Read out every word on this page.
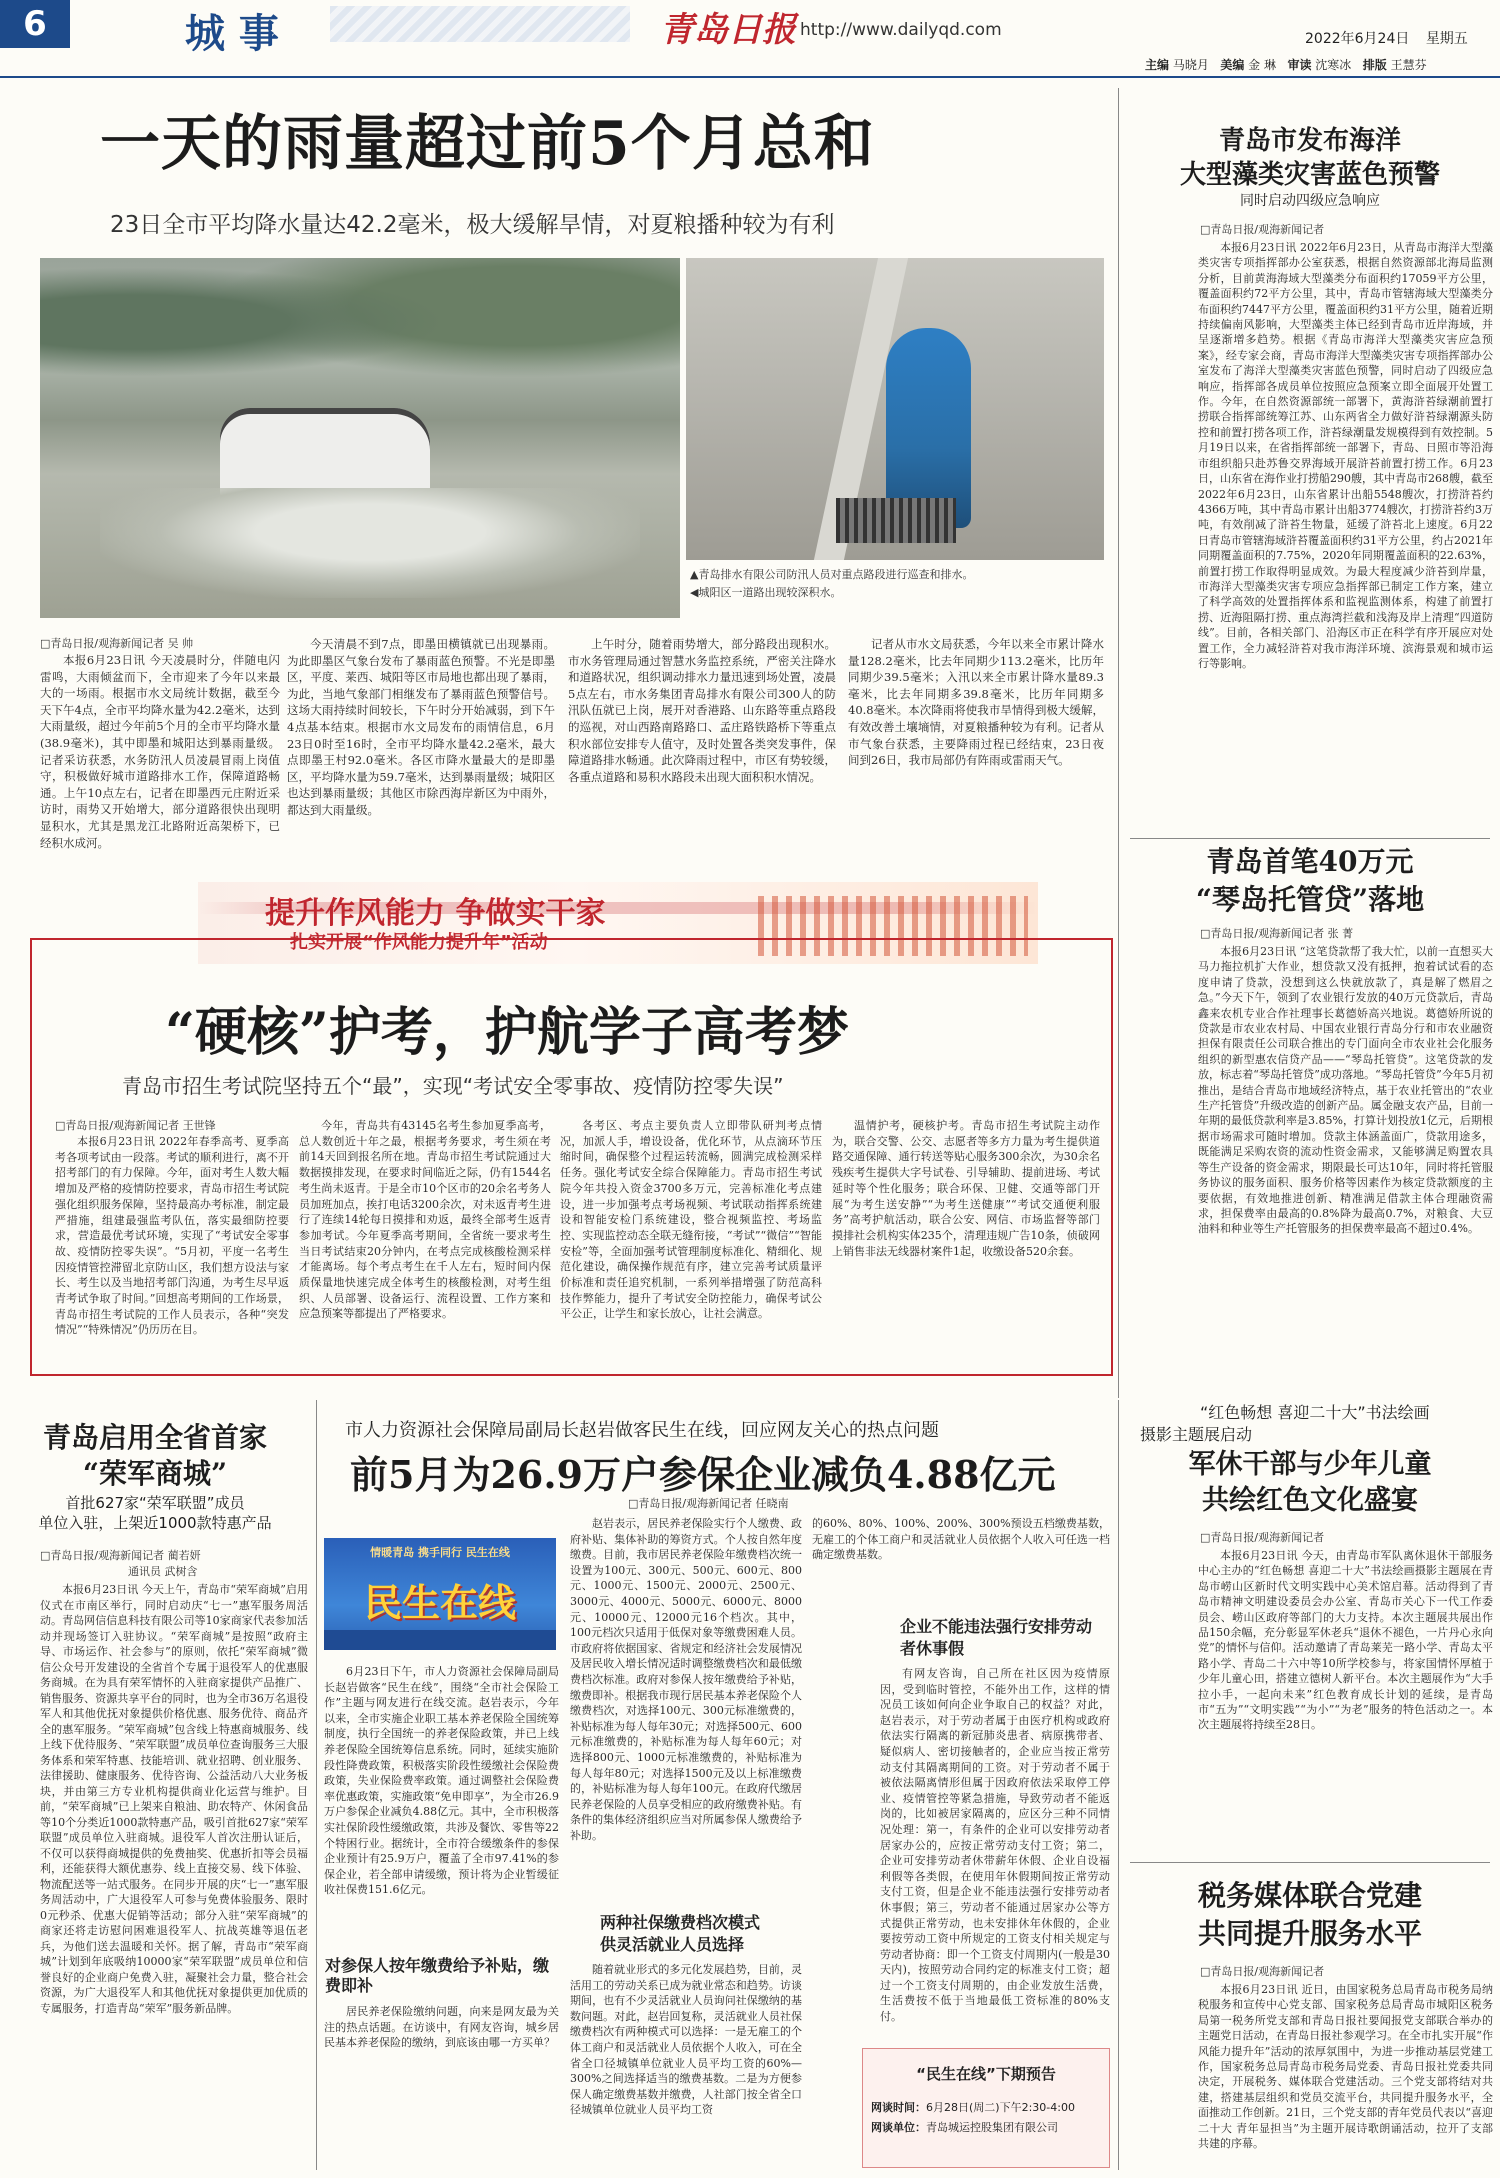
6	城 事	青岛日报 http://www.dailyqd.com	2022年6月24日 星期五
主编 马晓月 美编 金 琳 审读 沈寒冰 排版 王慧芬
一天的雨量超过前5个月总和
23日全市平均降水量达42.2毫米，极大缓解旱情，对夏粮播种较为有利
▲青岛排水有限公司防汛人员对重点路段进行巡查和排水。
◀城阳区一道路出现较深积水。
□青岛日报/观海新闻记者 吴 帅

本报6月23日讯 今天凌晨时分，伴随电闪雷鸣，大雨倾盆而下，全市迎来了今年以来最大的一场雨。根据市水文局统计数据，截至今天下午4点，全市平均降水量为42.2毫米，达到大雨量级，超过今年前5个月的全市平均降水量(38.9毫米)，其中即墨和城阳达到暴雨量级。记者采访获悉，水务防汛人员凌晨冒雨上岗值守，积极做好城市道路排水工作，保障道路畅通。上午10点左右，记者在即墨西元庄附近采访时，雨势又开始增大，部分道路很快出现明显积水，尤其是黑龙江北路附近高架桥下，已经积水成河。

今天清晨不到7点，即墨田横镇就已出现暴雨。为此即墨区气象台发布了暴雨蓝色预警。不光是即墨区，平度、莱西、城阳等区市局地也都出现了暴雨，为此，当地气象部门相继发布了暴雨蓝色预警信号。这场大雨持续时间较长，下午时分开始减弱，到下午4点基本结束。根据市水文局发布的雨情信息，6月23日0时至16时，全市平均降水量42.2毫米，最大点即墨王村92.0毫米。各区市降水量最大的是即墨区，平均降水量为59.7毫米，达到暴雨量级；城阳区也达到暴雨量级；其他区市除西海岸新区为中雨外，都达到大雨量级。

上午时分，随着雨势增大，部分路段出现积水。市水务管理局通过智慧水务监控系统，严密关注降水和道路状况，组织调动排水力量迅速到场处置，凌晨5点左右，市水务集团青岛排水有限公司300人的防汛队伍就已上岗，展开对香港路、山东路等重点路段的巡视，对山西路南路路口、孟庄路铁路桥下等重点积水部位安排专人值守，及时处置各类突发事件，保障道路排水畅通。此次降雨过程中，市区有势较缓，各重点道路和易积水路段未出现大面积积水情况。

记者从市水文局获悉，今年以来全市累计降水量128.2毫米，比去年同期少113.2毫米，比历年同期少39.5毫米；入汛以来全市累计降水量89.3毫米，比去年同期多39.8毫米，比历年同期多40.8毫米。本次降雨将使我市旱情得到极大缓解，有效改善土壤墒情，对夏粮播种较为有利。记者从市气象台获悉，主要降雨过程已经结束，23日夜间到26日，我市局部仍有阵雨或雷雨天气。

青岛市发布海洋
大型藻类灾害蓝色预警
同时启动四级应急响应
□青岛日报/观海新闻记者

本报6月23日讯 2022年6月23日，从青岛市海洋大型藻类灾害专项指挥部办公室获悉，根据自然资源部北海局监测分析，目前黄海海域大型藻类分布面积约17059平方公里，覆盖面积约72平方公里，其中，青岛市管辖海域大型藻类分布面积约7447平方公里，覆盖面积约31平方公里，随着近期持续偏南风影响，大型藻类主体已经到青岛市近岸海域，并呈逐渐增多趋势。根据《青岛市海洋大型藻类灾害应急预案》，经专家会商，青岛市海洋大型藻类灾害专项指挥部办公室发布了海洋大型藻类灾害蓝色预警，同时启动了四级应急响应，指挥部各成员单位按照应急预案立即全面展开处置工作。今年，在自然资源部统一部署下，黄海浒苔绿潮前置打捞联合指挥部统筹江苏、山东两省全力做好浒苔绿潮源头防控和前置打捞各项工作，浒苔绿潮量发规模得到有效控制。5月19日以来，在省指挥部统一部署下，青岛、日照市等沿海市组织船只赴苏鲁交界海域开展浒苔前置打捞工作。6月23日，山东省在海作业打捞船290艘，其中青岛市268艘，截至2022年6月23日，山东省累计出船5548艘次，打捞浒苔约4366万吨，其中青岛市累计出船3774艘次，打捞浒苔约3万吨，有效削减了浒苔生物量，延缓了浒苔北上速度。6月22日青岛市管辖海域浒苔覆盖面积约31平方公里，约占2021年同期覆盖面积的7.75%，2020年同期覆盖面积的22.63%，前置打捞工作取得明显成效。为最大程度减少浒苔到岸量，市海洋大型藻类灾害专项应急指挥部已制定工作方案，建立了科学高效的处置指挥体系和监视监测体系，构建了前置打捞、近海阻隔打捞、重点海湾拦截和浅海及岸上清理“四道防线”。目前，各相关部门、沿海区市正在科学有序开展应对处置工作，全力减轻浒苔对我市海洋环境、滨海景观和城市运行等影响。

青岛首笔40万元
“琴岛托管贷”落地
□青岛日报/观海新闻记者 张 菁

本报6月23日讯 “这笔贷款帮了我大忙，以前一直想买大马力拖拉机扩大作业，想贷款又没有抵押，抱着试试看的态度申请了贷款，没想到这么快就放款了，真是解了燃眉之急。”今天下午，领到了农业银行发放的40万元贷款后，青岛鑫来农机专业合作社理事长葛德娇高兴地说。葛德娇所说的贷款是市农业农村局、中国农业银行青岛分行和市农业融资担保有限责任公司联合推出的专门面向全市农业社会化服务组织的新型惠农信贷产品——“琴岛托管贷”。这笔贷款的发放，标志着“琴岛托管贷”成功落地。“琴岛托管贷”今年5月初推出，是结合青岛市地域经济特点，基于农业托管出的“农业生产托管贷”升级改造的创新产品。属金融支农产品，目前一年期的最低贷款利率是3.85%，打算计划投放1亿元，后期根据市场需求可随时增加。贷款主体涵盖面广，贷款用途多，既能满足采购农资的流动性资金需求，又能够满足购置农具等生产设备的资金需求，期限最长可达10年，同时将托管服务协议的服务面积、服务价格等因素作为核定贷款额度的主要依据，有效地推进创新、精准满足借款主体合理融资需求，担保费率由最高的0.8%降为最高0.7%，对粮食、大豆油料和种业等生产托管服务的担保费率最高不超过0.4%。

提升作风能力 争做实干家
扎实开展“作风能力提升年”活动
“硬核”护考，护航学子高考梦
青岛市招生考试院坚持五个“最”，实现“考试安全零事故、疫情防控零失误”
□青岛日报/观海新闻记者 王世锋

本报6月23日讯 2022年春季高考、夏季高考各项考试由一段落。考试的顺利进行，离不开招考部门的有力保障。今年，面对考生人数大幅增加及严格的疫情防控要求，青岛市招生考试院强化组织服务保障，坚持最高办考标准，制定最严措施，组建最强监考队伍，落实最细防控要求，营造最优考试环境，实现了“考试安全零事故、疫情防控零失误”。“5月初，平度一名考生因疫情管控滞留北京防山区，我们想方设法与家长、考生以及当地招考部门沟通，为考生尽早返青考试争取了时间。”回想高考期间的工作场景，青岛市招生考试院的工作人员表示，各种“突发情况”“特殊情况”仍历历在目。

今年，青岛共有43145名考生参加夏季高考，总人数创近十年之最，根据考务要求，考生须在考前14天回到报名所在地。青岛市招生考试院通过大数据摸排发现，在要求时间临近之际，仍有1544名考生尚未返青。于是全市10个区市的20余名考务人员加班加点，挨打电话3200余次，对未返青考生进行了连续14轮每日摸排和劝返，最终全部考生返青参加考试。今年夏季高考期间，全省统一要求考生当日考试结束20分钟内，在考点完成核酸检测采样才能离场。每个考点考生在千人左右，短时间内保质保量地快速完成全体考生的核酸检测，对考生组织、人员部署、设备运行、流程设置、工作方案和应急预案等都提出了严格要求。

各考区、考点主要负责人立即带队研判考点情况，加派人手，增设设备，优化环节，从点滴环节压缩时间，确保整个过程运转流畅，圆满完成检测采样任务。强化考试安全综合保障能力。青岛市招生考试院今年共投入资金3700多万元，完善标准化考点建设，进一步加强考点考场视频、考试联动指挥系统建设和智能安检门系统建设，整合视频监控、考场监控、实现监控动态全联无缝衔接，“考试”“微信”“智能安检”等，全面加强考试管理制度标准化、精细化、规范化建设，确保操作规范有序，建立完善考试质量评价标准和责任追究机制，一系列举措增强了防范高科技作弊能力，提升了考试安全防控能力，确保考试公平公正，让学生和家长放心，让社会满意。

温情护考，硬核护考。青岛市招生考试院主动作为，联合交警、公交、志愿者等多方力量为考生提供道路交通保障、通行转送等贴心服务300余次，为30余名残疾考生提供大字号试卷、引导辅助、提前进场、考试延时等个性化服务；联合环保、卫健、交通等部门开展“为考生送安静”“为考生送健康”“考试交通便利服务”高考护航活动，联合公安、网信、市场监督等部门摸排社会机构实体235个，清理违规广告10条，侦破网上销售非法无线器材案件1起，收缴设备520余套。

青岛启用全省首家
“荣军商城”
首批627家“荣军联盟”成员
单位入驻，上架近1000款特惠产品
□青岛日报/观海新闻记者 蔺若妍
通讯员 武树含

本报6月23日讯 今天上午，青岛市“荣军商城”启用仪式在市南区举行，同时启动庆“七一”惠军服务周活动。青岛网信信息科技有限公司等10家商家代表参加活动并现场签订入驻协议。“荣军商城”是按照“政府主导、市场运作、社会参与”的原则，依托“荣军商城”微信公众号开发建设的全省首个专属于退役军人的优惠服务商城。在为具有荣军情怀的入驻商家提供产品推广、销售服务、资源共享平台的同时，也为全市36万名退役军人和其他优抚对象提供价格优惠、服务优待、商品齐全的惠军服务。“荣军商城”包含线上特惠商城服务、线上线下优待服务、“荣军联盟”成员单位查询服务三大服务体系和荣军特惠、技能培训、就业招聘、创业服务、法律援助、健康服务、优待咨询、公益活动八大业务板块，并由第三方专业机构提供商业化运营与维护。目前，“荣军商城”已上架来自粮油、助农特产、休闲食品等10个分类近1000款特惠产品，吸引首批627家“荣军联盟”成员单位入驻商城。退役军人首次注册认证后，不仅可以获得商城提供的免费抽奖、优惠折扣等会员福利，还能获得大额优惠券、线上直接交易、线下体验、物流配送等一站式服务。在同步开展的庆“七一”惠军服务周活动中，广大退役军人可参与免费体验服务、限时0元秒杀、优惠大促销等活动；部分入驻“荣军商城”的商家还将走访慰问困难退役军人、抗战英雄等退伍老兵，为他们送去温暖和关怀。据了解，青岛市“荣军商城”计划到年底吸纳10000家“荣军联盟”成员单位和信誉良好的企业商户免费入驻，凝聚社会力量，整合社会资源，为广大退役军人和其他优抚对象提供更加优质的专属服务，打造青岛“荣军”服务新品牌。

市人力资源社会保障局副局长赵岩做客民生在线，回应网友关心的热点问题
前5月为26.9万户参保企业减负4.88亿元
□青岛日报/观海新闻记者 任晓南
情暖青岛 携手同行 民生在线
民生在线

6月23日下午，市人力资源社会保障局副局长赵岩做客“民生在线”，围绕“全市社会保险工作”主题与网友进行在线交流。赵岩表示，今年以来，全市实施企业职工基本养老保险全国统筹制度，执行全国统一的养老保险政策，并已上线养老保险全国统筹信息系统。同时，延续实施阶段性降费政策，积极落实阶段性缓缴社会保险费政策，失业保险费率政策。通过调整社会保险费率优惠政策，实施政策“免申即享”，为全市26.9万户参保企业减负4.88亿元。其中，全市积极落实社保阶段性缓缴政策，共涉及餐饮、零售等22个特困行业。据统计，全市符合缓缴条件的参保企业预计有25.9万户，覆盖了全市97.41%的参保企业，若全部申请缓缴，预计将为企业暂缓征收社保费151.6亿元。

对参保人按年缴费给予补贴，缴费即补

居民养老保险缴纳问题，向来是网友最为关注的热点话题。在访谈中，有网友咨询，城乡居民基本养老保险的缴纳，到底该由哪一方买单？

赵岩表示，居民养老保险实行个人缴费、政府补贴、集体补助的筹资方式。个人按自然年度缴费。目前，我市居民养老保险年缴费档次统一设置为100元、300元、500元、600元、800元、1000元、1500元、2000元、2500元、3000元、4000元、5000元、6000元、8000元、10000元、12000元16个档次。其中，100元档次只适用于低保对象等缴费困难人员。市政府将依据国家、省规定和经济社会发展情况及居民收入增长情况适时调整缴费档次和最低缴费档次标准。政府对参保人按年缴费给予补贴，缴费即补。根据我市现行居民基本养老保险个人缴费档次，对选择100元、300元标准缴费的，补贴标准为每人每年30元；对选择500元、600元标准缴费的，补贴标准为每人每年60元；对选择800元、1000元标准缴费的，补贴标准为每人每年80元；对选择1500元及以上标准缴费的，补贴标准为每人每年100元。在政府代缴居民养老保险的人员享受相应的政府缴费补贴。有条件的集体经济组织应当对所属参保人缴费给予补助。

两种社保缴费档次模式
供灵活就业人员选择

随着就业形式的多元化发展趋势，目前，灵活用工的劳动关系已成为就业常态和趋势。访谈期间，也有不少灵活就业人员询问社保缴纳的基数问题。对此，赵岩回复称，灵活就业人员社保缴费档次有两种模式可以选择：一是无雇工的个体工商户和灵活就业人员依据个人收入，可在全省全口径城镇单位就业人员平均工资的60%—300%之间选择适当的缴费基数。二是为方便参保人确定缴费基数并缴费，人社部门按全省全口径城镇单位就业人员平均工资

的60%、80%、100%、200%、300%预设五档缴费基数，无雇工的个体工商户和灵活就业人员依据个人收入可任选一档确定缴费基数。

企业不能违法强行安排劳动
者休事假

有网友咨询，自己所在社区因为疫情原因，受到临时管控，不能外出工作，这样的情况员工该如何向企业争取自己的权益？对此，赵岩表示，对于劳动者属于由医疗机构或政府依法实行隔离的新冠肺炎患者、病原携带者、疑似病人、密切接触者的，企业应当按正常劳动支付其隔离期间的工资。对于劳动者不属于被依法隔离情形但属于因政府依法采取停工停业、疫情管控等紧急措施，导致劳动者不能返岗的，比如被居家隔离的，应区分三种不同情况处理：第一，有条件的企业可以安排劳动者居家办公的，应按正常劳动支付工资；第二，企业可安排劳动者休带薪年休假、企业自设福利假等各类假，在使用年休假期间按正常劳动支付工资，但是企业不能违法强行安排劳动者休事假；第三，劳动者不能通过居家办公等方式提供正常劳动，也未安排休年休假的，企业要按劳动工资中所规定的工资支付相关规定与劳动者协商：即一个工资支付周期内(一般是30天内)，按照劳动合同约定的标准支付工资；超过一个工资支付周期的，由企业发放生活费，生活费按不低于当地最低工资标准的80%支付。

“民生在线”下期预告
网谈时间：6月28日(周二)下午2:30-4:00
网谈单位：青岛城运控股集团有限公司
“红色畅想 喜迎二十大”书法绘画
摄影主题展启动
军休干部与少年儿童
共绘红色文化盛宴
□青岛日报/观海新闻记者

本报6月23日讯 今天，由青岛市军队离休退休干部服务中心主办的“红色畅想 喜迎二十大”书法绘画摄影主题展在青岛市崂山区新时代文明实践中心美术馆启幕。活动得到了青岛市精神文明建设委员会办公室、青岛市关心下一代工作委员会、崂山区政府等部门的大力支持。本次主题展共展出作品150余幅，充分彰显军休老兵“退休不褪色，一片丹心永向党”的情怀与信仰。活动邀请了青岛莱芜一路小学、青岛太平路小学、青岛二十六中等10所学校参与，将家国情怀厚植于少年儿童心田，搭建立德树人新平台。本次主题展作为“大手拉小手，一起向未来”红色教育成长计划的延续，是青岛市“五为”“文明实践”“为小”“为老”服务的特色活动之一。本次主题展将持续至28日。

税务媒体联合党建
共同提升服务水平
□青岛日报/观海新闻记者

本报6月23日讯 近日，由国家税务总局青岛市税务局纳税服务和宣传中心党支部、国家税务总局青岛市城阳区税务局第一税务所党支部和青岛日报社要闻报党支部联合举办的主题党日活动，在青岛日报社参观学习。在全市扎实开展“作风能力提升年”活动的浓厚氛围中，为进一步推动基层党建工作，国家税务总局青岛市税务局党委、青岛日报社党委共同决定，开展税务、媒体联合党建活动。三个党支部将结对共建，搭建基层组织和党员交流平台，共同提升服务水平，全面推动工作创新。21日，三个党支部的青年党员代表以“喜迎二十大 青年显担当”为主题开展诗歌朗诵活动，拉开了支部共建的序幕。
